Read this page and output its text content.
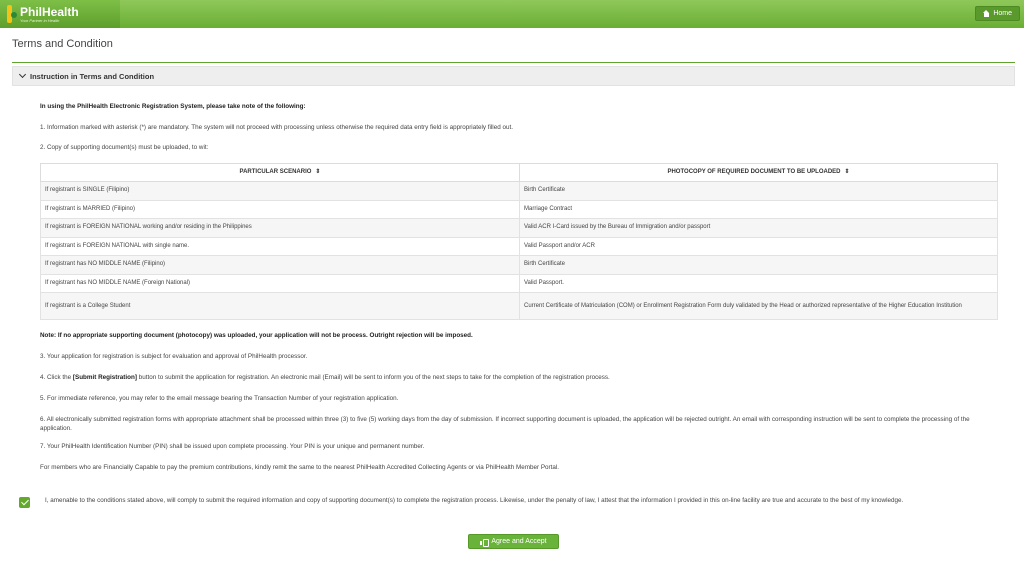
PhilHealth
Your Partner in Health
Home
Terms and Condition
Instruction in Terms and Condition
In using the PhilHealth Electronic Registration System, please take note of the following:
1. Information marked with asterisk (*) are mandatory. The system will not proceed with processing unless otherwise the required data entry field is appropriately filled out.
2. Copy of supporting document(s) must be uploaded, to wit:
PARTICULAR SCENARIO ⇕	PHOTOCOPY OF REQUIRED DOCUMENT TO BE UPLOADED ⇕
If registrant is SINGLE (Filipino)	Birth Certificate
If registrant is MARRIED (Filipino)	Marriage Contract
If registrant is FOREIGN NATIONAL working and/or residing in the Philippines	Valid ACR I-Card issued by the Bureau of Immigration and/or passport
If registrant is FOREIGN NATIONAL with single name.	Valid Passport and/or ACR
If registrant has NO MIDDLE NAME (Filipino)	Birth Certificate
If registrant has NO MIDDLE NAME (Foreign National)	Valid Passport.
If registrant is a College Student	Current Certificate of Matriculation (COM) or Enrollment Registration Form duly validated by the Head or authorized representative of the Higher Education Institution
Note: If no appropriate supporting document (photocopy) was uploaded, your application will not be process. Outright rejection will be imposed.
3. Your application for registration is subject for evaluation and approval of PhilHealth processor.
4. Click the [Submit Registration] button to submit the application for registration. An electronic mail (Email) will be sent to inform you of the next steps to take for the completion of the registration process.
5. For immediate reference, you may refer to the email message bearing the Transaction Number of your registration application.
6. All electronically submitted registration forms with appropriate attachment shall be processed within three (3) to five (5) working days from the day of submission. If incorrect supporting document is uploaded, the application will be rejected outright. An email with corresponding instruction will be sent to complete the processing of the application.
7. Your PhilHealth Identification Number (PIN) shall be issued upon complete processing. Your PIN is your unique and permanent number.
For members who are Financially Capable to pay the premium contributions, kindly remit the same to the nearest PhilHealth Accredited Collecting Agents or via PhilHealth Member Portal.
I, amenable to the conditions stated above, will comply to submit the required information and copy of supporting document(s) to complete the registration process. Likewise, under the penalty of law, I attest that the information I provided in this on-line facility are true and accurate to the best of my knowledge.
Agree and Accept
